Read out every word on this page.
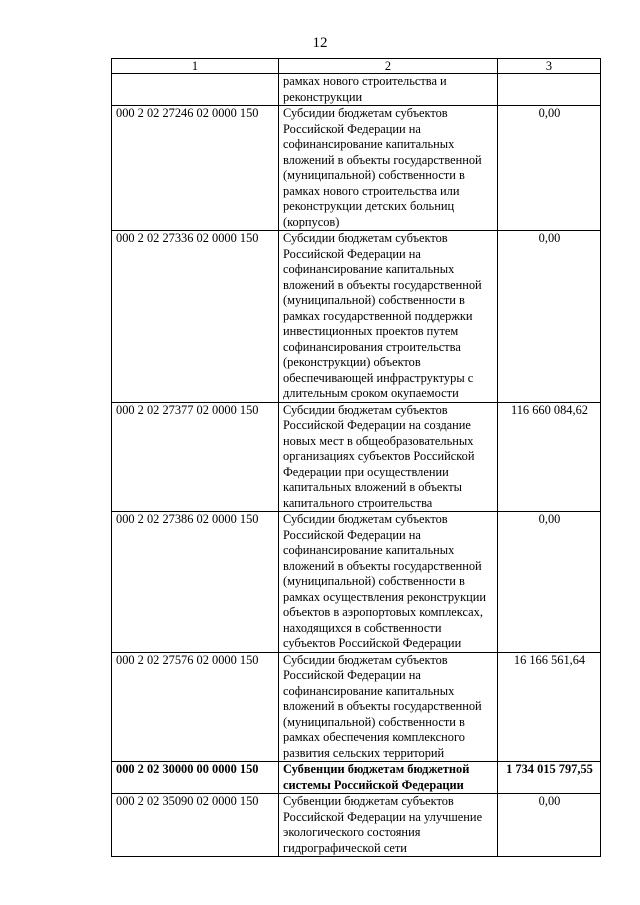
12
1	2	3
	рамках нового строительства и реконструкции	
000 2 02 27246 02 0000 150	Субсидии бюджетам субъектов Российской Федерации на софинансирование капитальных вложений в объекты государственной (муниципальной) собственности в рамках нового строительства или реконструкции детских больниц (корпусов)	0,00
000 2 02 27336 02 0000 150	Субсидии бюджетам субъектов Российской Федерации на софинансирование капитальных вложений в объекты государственной (муниципальной) собственности в рамках государственной поддержки инвестиционных проектов путем софинансирования строительства (реконструкции) объектов обеспечивающей инфраструктуры с длительным сроком окупаемости	0,00
000 2 02 27377 02 0000 150	Субсидии бюджетам субъектов Российской Федерации на создание новых мест в общеобразовательных организациях субъектов Российской Федерации при осуществлении капитальных вложений в объекты капитального строительства	116 660 084,62
000 2 02 27386 02 0000 150	Субсидии бюджетам субъектов Российской Федерации на софинансирование капитальных вложений в объекты государственной (муниципальной) собственности в рамках осуществления реконструкции объектов в аэропортовых комплексах, находящихся в собственности субъектов Российской Федерации	0,00
000 2 02 27576 02 0000 150	Субсидии бюджетам субъектов Российской Федерации на софинансирование капитальных вложений в объекты государственной (муниципальной) собственности в рамках обеспечения комплексного развития сельских территорий	16 166 561,64
000 2 02 30000 00 0000 150	Субвенции бюджетам бюджетной системы Российской Федерации	1 734 015 797,55
000 2 02 35090 02 0000 150	Субвенции бюджетам субъектов Российской Федерации на улучшение экологического состояния гидрографической сети	0,00
